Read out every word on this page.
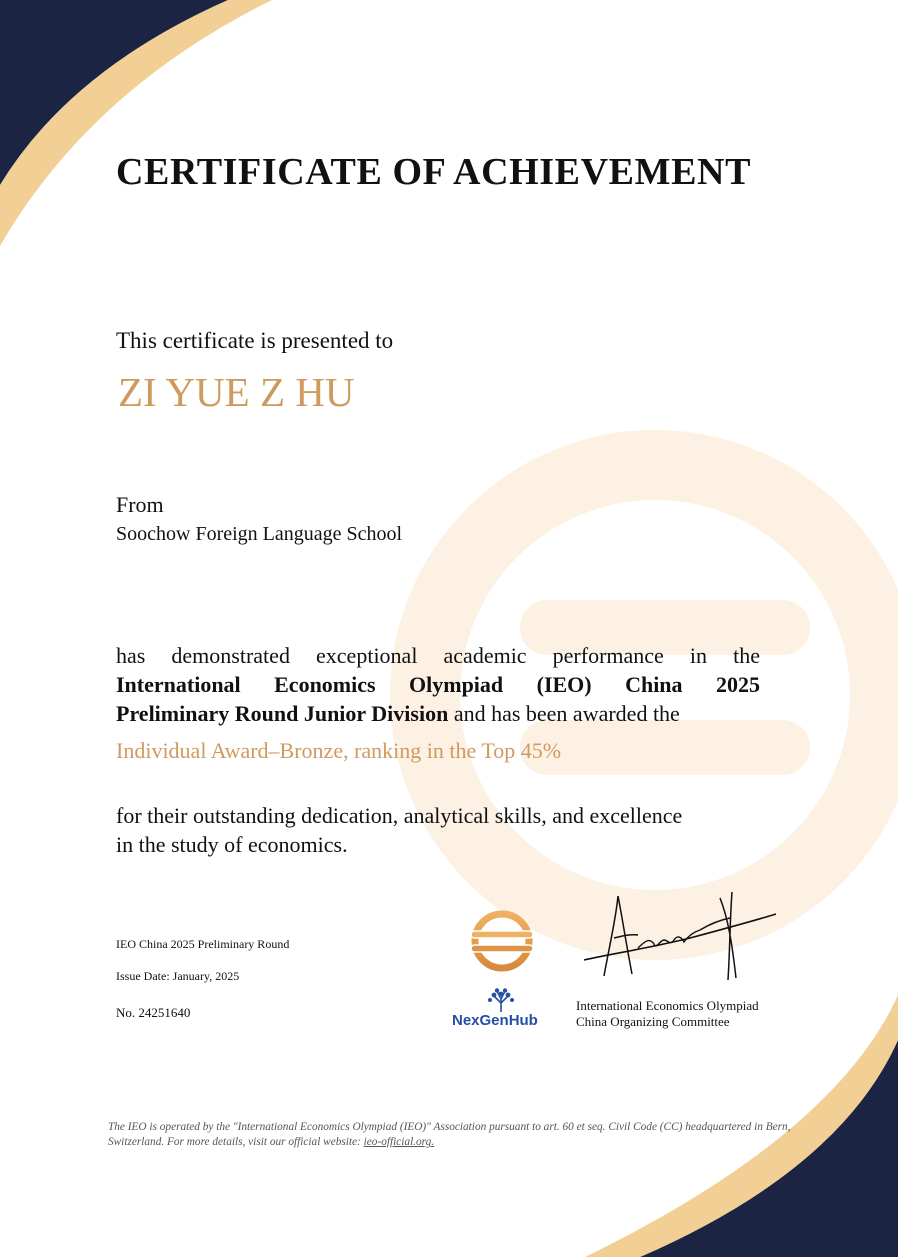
CERTIFICATE OF ACHIEVEMENT

This certificate is presented to

ZI YUE Z HU

From

Soochow Foreign Language School

has demonstrated exceptional academic performance in the
International Economics Olympiad (IEO) China 2025
Preliminary Round Junior Division and has been awarded the

Individual Award–Bronze, ranking in the Top 45%

for their outstanding dedication, analytical skills, and excellence
in the study of economics.

IEO China 2025 Preliminary Round

Issue Date: January, 2025

No. 24251640	NexGenHub

International Economics Olympiad

China Organizing Committee

The IEO is operated by the "International Economics Olympiad (IEO)" Association pursuant to art. 60 et seq. Civil Code (CC) headquartered in Bern, Switzerland. For more details, visit our official website: ieo-official.org.
